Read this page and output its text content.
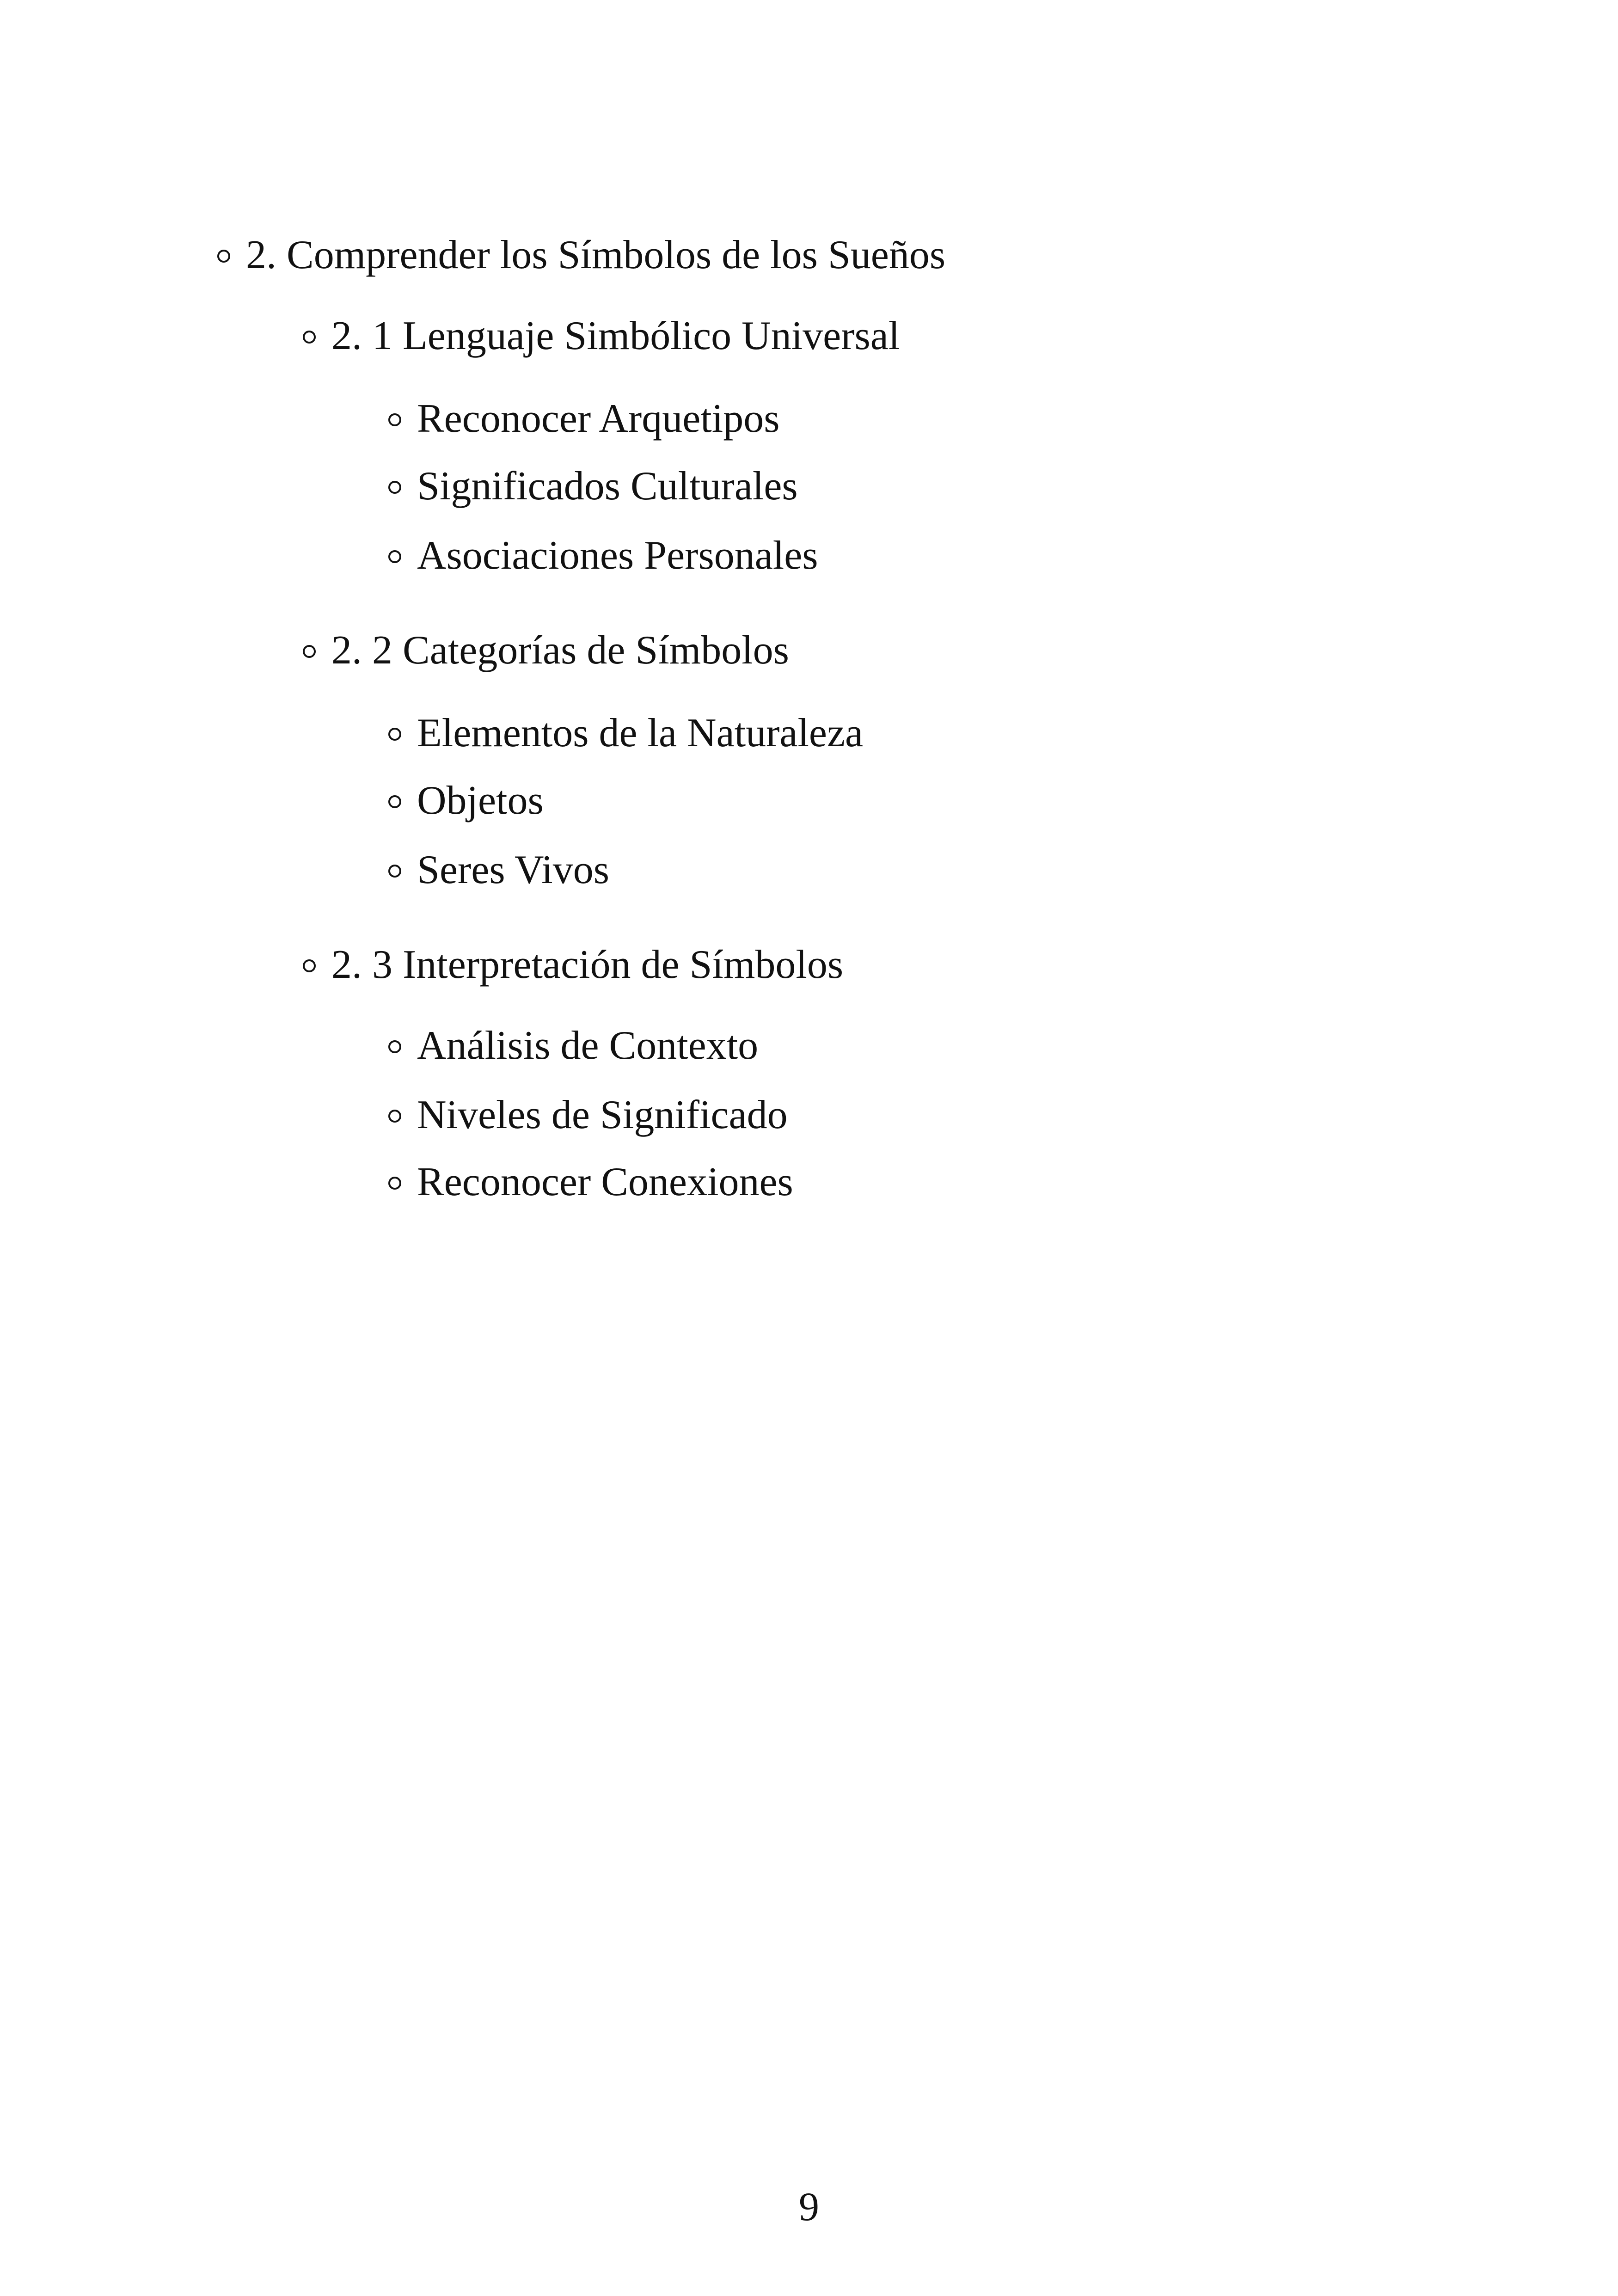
2. Comprender los Símbolos de los Sueños
2. 1 Lenguaje Simbólico Universal
Reconocer Arquetipos
Significados Culturales
Asociaciones Personales
2. 2 Categorías de Símbolos
Elementos de la Naturaleza
Objetos
Seres Vivos
2. 3 Interpretación de Símbolos
Análisis de Contexto
Niveles de Significado
Reconocer Conexiones
9
